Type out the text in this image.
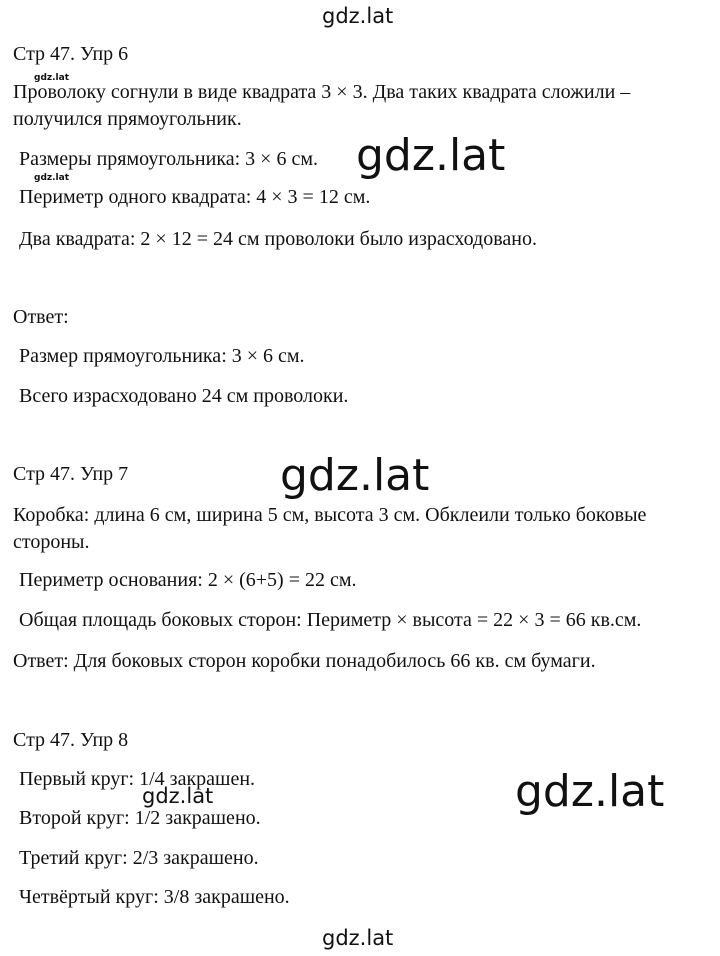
gdz.lat
gdz.lat
gdz.lat	gdz.lat
gdz.lat
gdz.lat
gdz.lat
gdz.lat
Стр 47. Упр 6
Проволоку согнули в виде квадрата 3 × 3. Два таких квадрата сложили –
получился прямоугольник.
Размеры прямоугольника: 3 × 6 см.
Периметр одного квадрата: 4 × 3 = 12 см.
Два квадрата: 2 × 12 = 24 см проволоки было израсходовано.
Ответ:
Размер прямоугольника: 3 × 6 см.
Всего израсходовано 24 см проволоки.
Стр 47. Упр 7
Коробка: длина 6 см, ширина 5 см, высота 3 см. Обклеили только боковые
стороны.
Периметр основания: 2 × (6+5) = 22 см.
Общая площадь боковых сторон: Периметр × высота = 22 × 3 = 66 кв.см.
Ответ: Для боковых сторон коробки понадобилось 66 кв. см бумаги.
Стр 47. Упр 8
Первый круг: 1/4 закрашен.
Второй круг: 1/2 закрашено.
Третий круг: 2/3 закрашено.
Четвёртый круг: 3/8 закрашено.
